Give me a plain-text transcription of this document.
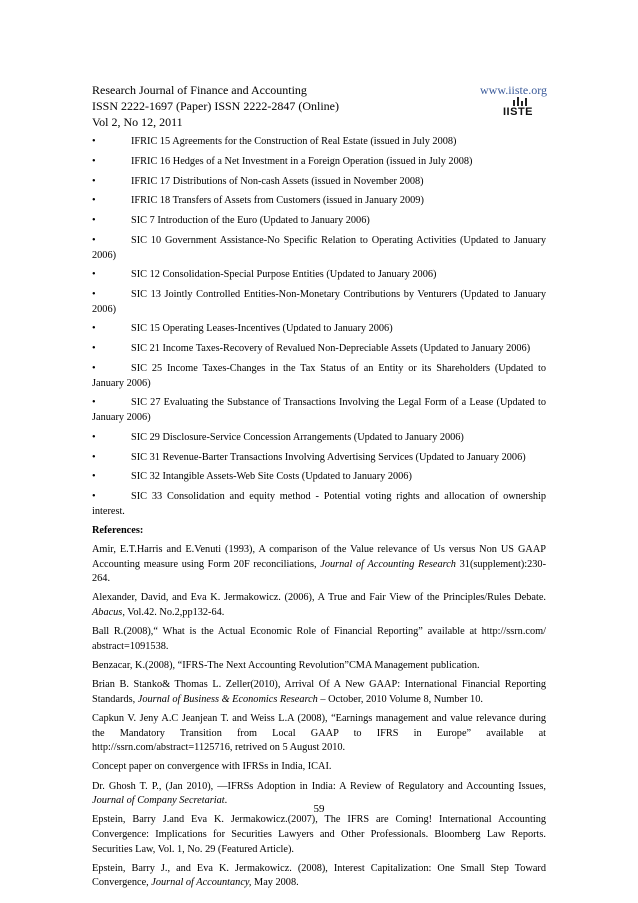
Research Journal of Finance and Accounting
ISSN 2222-1697 (Paper) ISSN 2222-2847 (Online)
Vol 2, No 12, 2011
www.iiste.org
IISTE
•	IFRIC 15 Agreements for the Construction of Real Estate (issued in July 2008)
•	IFRIC 16 Hedges of a Net Investment in a Foreign Operation (issued in July 2008)
•	IFRIC 17 Distributions of Non-cash Assets (issued in November 2008)
•	IFRIC 18 Transfers of Assets from Customers (issued in January 2009)
•	SIC 7 Introduction of the Euro (Updated to January 2006)
•	SIC 10 Government Assistance-No Specific Relation to Operating Activities (Updated to January 2006)
•	SIC 12 Consolidation-Special Purpose Entities (Updated to January 2006)
•	SIC 13 Jointly Controlled Entities-Non-Monetary Contributions by Venturers (Updated to January 2006)
•	SIC 15 Operating Leases-Incentives (Updated to January 2006)
•	SIC 21 Income Taxes-Recovery of Revalued Non-Depreciable Assets (Updated to January 2006)
•	SIC 25 Income Taxes-Changes in the Tax Status of an Entity or its Shareholders (Updated to January 2006)
•	SIC 27 Evaluating the Substance of Transactions Involving the Legal Form of a Lease (Updated to January 2006)
•	SIC 29 Disclosure-Service Concession Arrangements (Updated to January 2006)
•	SIC 31 Revenue-Barter Transactions Involving Advertising Services (Updated to January 2006)
•	SIC 32 Intangible Assets-Web Site Costs (Updated to January 2006)
•	SIC 33 Consolidation and equity method - Potential voting rights and allocation of ownership interest.
References:
Amir, E.T.Harris and E.Venuti (1993), A comparison of the Value relevance of Us versus Non US GAAP Accounting measure using Form 20F reconciliations, Journal of Accounting Research 31(supplement):230-264.
Alexander, David, and Eva K. Jermakowicz. (2006), A True and Fair View of the Principles/Rules Debate. Abacus, Vol.42. No.2,pp132-64.
Ball R.(2008),“ What is the Actual Economic Role of Financial Reporting” available at http://ssrn.com/ abstract=1091538.
Benzacar, K.(2008), “IFRS-The Next Accounting Revolution”CMA Management publication.
Brian B. Stanko& Thomas L. Zeller(2010), Arrival Of A New GAAP: International Financial Reporting Standards, Journal of Business & Economics Research – October, 2010 Volume 8, Number 10.
Capkun V. Jeny A.C Jeanjean T. and Weiss L.A (2008), “Earnings management and value relevance during the Mandatory Transition from Local GAAP to IFRS in Europe” available at http://ssrn.com/abstract=1125716, retrived on 5 August 2010.
Concept paper on convergence with IFRSs in India, ICAI.
Dr. Ghosh T. P., (Jan 2010), ―IFRSs Adoption in India: A Review of Regulatory and Accounting Issues, Journal of Company Secretariat.
Epstein, Barry J.and Eva K. Jermakowicz.(2007), The IFRS are Coming! International Accounting Convergence: Implications for Securities Lawyers and Other Professionals. Bloomberg Law Reports. Securities Law, Vol. 1, No. 29 (Featured Article).
Epstein, Barry J., and Eva K. Jermakowicz. (2008), Interest Capitalization: One Small Step Toward Convergence, Journal of Accountancy, May 2008.
59
